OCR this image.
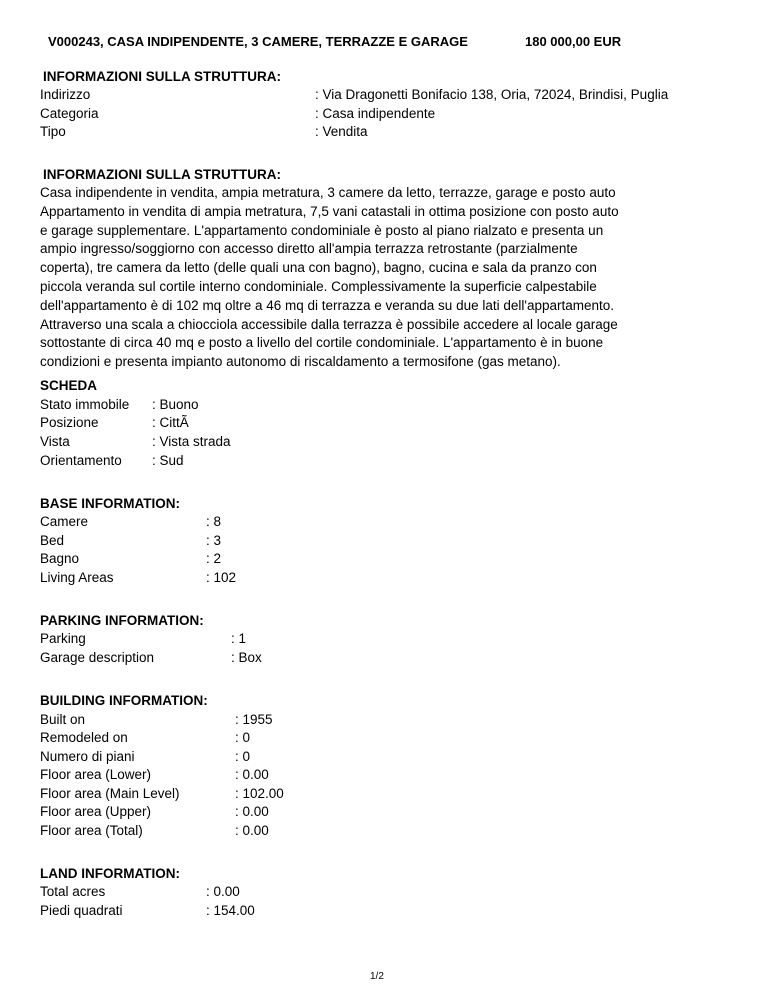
V000243, CASA INDIPENDENTE, 3 CAMERE, TERRAZZE E GARAGE	180 000,00 EUR
INFORMAZIONI SULLA STRUTTURA:
Indirizzo	: Via Dragonetti Bonifacio 138, Oria, 72024, Brindisi, Puglia
Categoria	: Casa indipendente
Tipo	: Vendita
INFORMAZIONI SULLA STRUTTURA:
Casa indipendente in vendita, ampia metratura, 3 camere da letto, terrazze, garage e posto auto
Appartamento in vendita di ampia metratura, 7,5 vani catastali in ottima posizione con posto auto
e garage supplementare. L'appartamento condominiale è posto al piano rialzato e presenta un
ampio ingresso/soggiorno con accesso diretto all'ampia terrazza retrostante (parzialmente
coperta), tre camera da letto (delle quali una con bagno), bagno, cucina e sala da pranzo con
piccola veranda sul cortile interno condominiale. Complessivamente la superficie calpestabile
dell'appartamento è di 102 mq oltre a 46 mq di terrazza e veranda su due lati dell'appartamento.
Attraverso una scala a chiocciola accessibile dalla terrazza è possibile accedere al locale garage
sottostante di circa 40 mq e posto a livello del cortile condominiale. L'appartamento è in buone
condizioni e presenta impianto autonomo di riscaldamento a termosifone (gas metano).
SCHEDA
Stato immobile : Buono
Posizione	: CittÃ
Vista	: Vista strada
Orientamento : Sud
BASE INFORMATION:
Camere	: 8
Bed	: 3
Bagno	: 2
Living Areas	: 102
PARKING INFORMATION:
Parking	: 1
Garage description	: Box
BUILDING INFORMATION:
Built on	: 1955
Remodeled on	: 0
Numero di piani	: 0
Floor area (Lower)	: 0.00
Floor area (Main Level)	: 102.00
Floor area (Upper)	: 0.00
Floor area (Total)	: 0.00
LAND INFORMATION:
Total acres	: 0.00
Piedi quadrati	: 154.00
1/2
